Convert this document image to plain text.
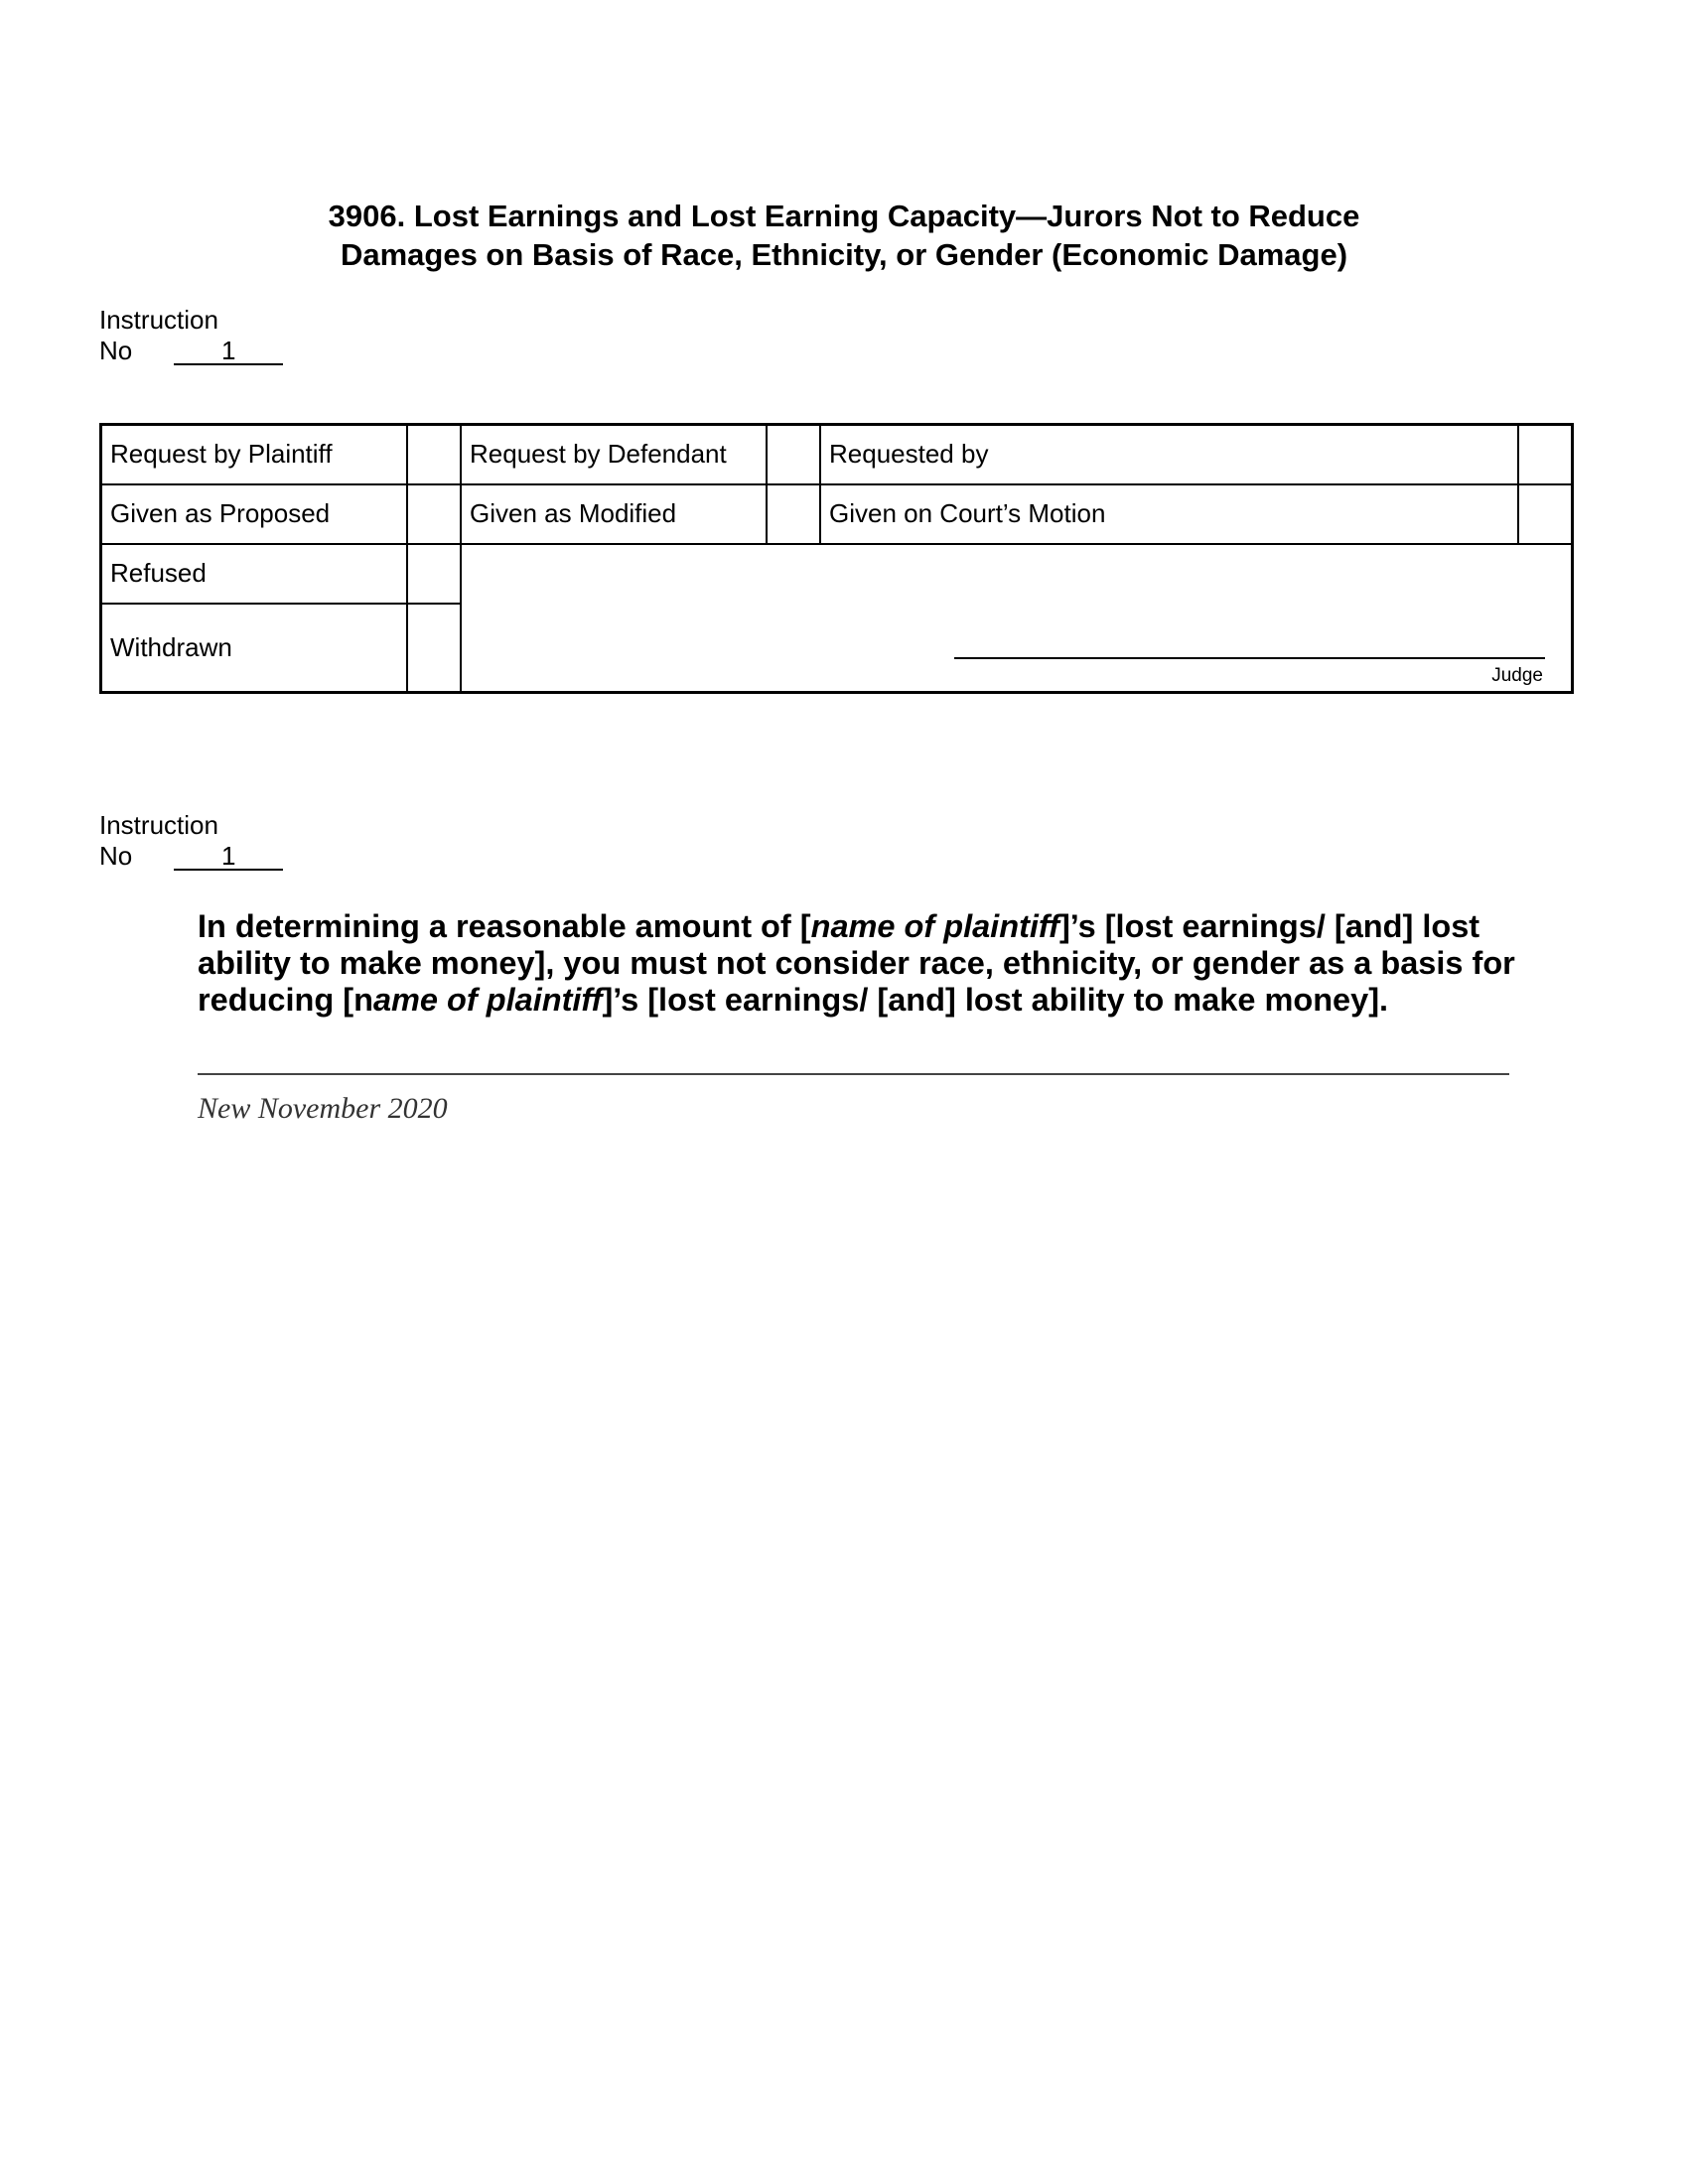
3906. Lost Earnings and Lost Earning Capacity—Jurors Not to Reduce
Damages on Basis of Race, Ethnicity, or Gender (Economic Damage)
Instruction
No	1
Request by Plaintiff		Request by Defendant		Requested by	
Given as Proposed		Given as Modified		Given on Court’s Motion	
Refused		Judge			

Withdrawn					
Instruction
No	1
In determining a reasonable amount of [name of plaintiff]’s [lost earnings/ [and] lost ability to make money], you must not consider race, ethnicity, or gender as a basis for reducing [name of plaintiff]’s [lost earnings/ [and] lost ability to make money].
New November 2020
